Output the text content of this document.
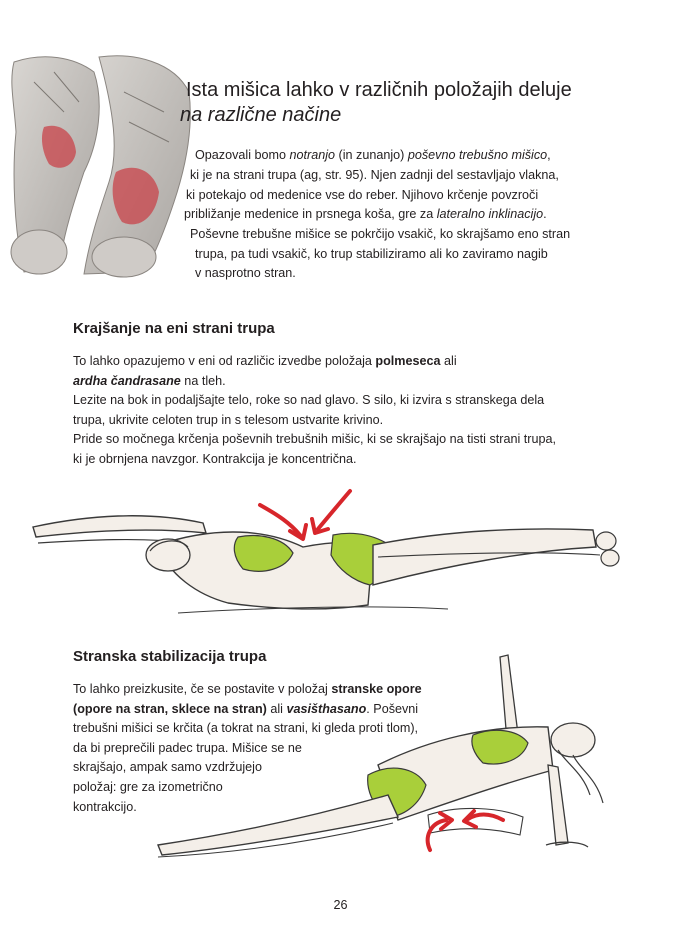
Ista mišica lahko v različnih položajih deluje
na različne načine
Opazovali bomo notranjo (in zunanjo) poševno trebušno mišico,
ki je na strani trupa (ag, str. 95). Njen zadnji del sestavljajo vlakna,
ki potekajo od medenice vse do reber. Njihovo krčenje povzroči
približanje medenice in prsnega koša, gre za lateralno inklinacijo.
Poševne trebušne mišice se pokrčijo vsakič, ko skrajšamo eno stran
trupa, pa tudi vsakič, ko trup stabiliziramo ali ko zaviramo nagib
v nasprotno stran.
Krajšanje na eni strani trupa

To lahko opazujemo v eni od različic izvedbe položaja polmeseca ali

ardha čandrasane na tleh.

Lezite na bok in podaljšajte telo, roke so nad glavo. S silo, ki izvira s stranskega dela

trupa, ukrivite celoten trup in s telesom ustvarite krivino.

Pride so močnega krčenja poševnih trebušnih mišic, ki se skrajšajo na tisti strani trupa,

ki je obrnjena navzgor. Kontrakcija je koncentrična.

Stranska stabilizacija trupa

To lahko preizkusite, če se postavite v položaj stranske opore

(opore na stran, sklece na stran) ali vasišthasano. Poševni

trebušni mišici se krčita (a tokrat na strani, ki gleda proti tlom),

da bi preprečili padec trupa. Mišice se ne

skrajšajo, ampak samo vzdržujejo

položaj: gre za izometrično

kontrakcijo.

26
